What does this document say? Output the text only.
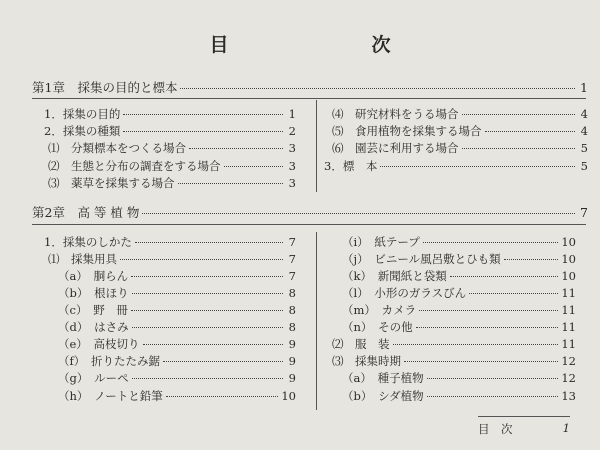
目　次
第1章　採集の目的と標本	1
1．採集の目的	1
2．採集の種類	2
⑴　分類標本をつくる場合	3
⑵　生態と分布の調査をする場合	3
⑶　薬草を採集する場合	3
⑷　研究材料をうる場合	4
⑸　食用植物を採集する場合	4
⑹　園芸に利用する場合	5
3．標　本	5
第2章　高 等 植 物	7
1．採集のしかた	7
⑴　採集用具	7
（a）　胴らん	7
（b）　根ほり	8
（c）　野　冊	8
（d）　はさみ	8
（e）　高枝切り	9
（f）　折りたたみ鋸	9
（g）　ルーペ	9
（h）　ノートと鉛筆	10
（i）　紙テープ	10
（j）　ビニール風呂敷とひも類	10
（k）　新聞紙と袋類	10
（l）　小形のガラスびん	11
（m）　カメラ	11
（n）　その他	11
⑵　服　装	11
⑶　採集時期	12
（a）　種子植物	12
（b）　シダ植物	13
目　次	1
